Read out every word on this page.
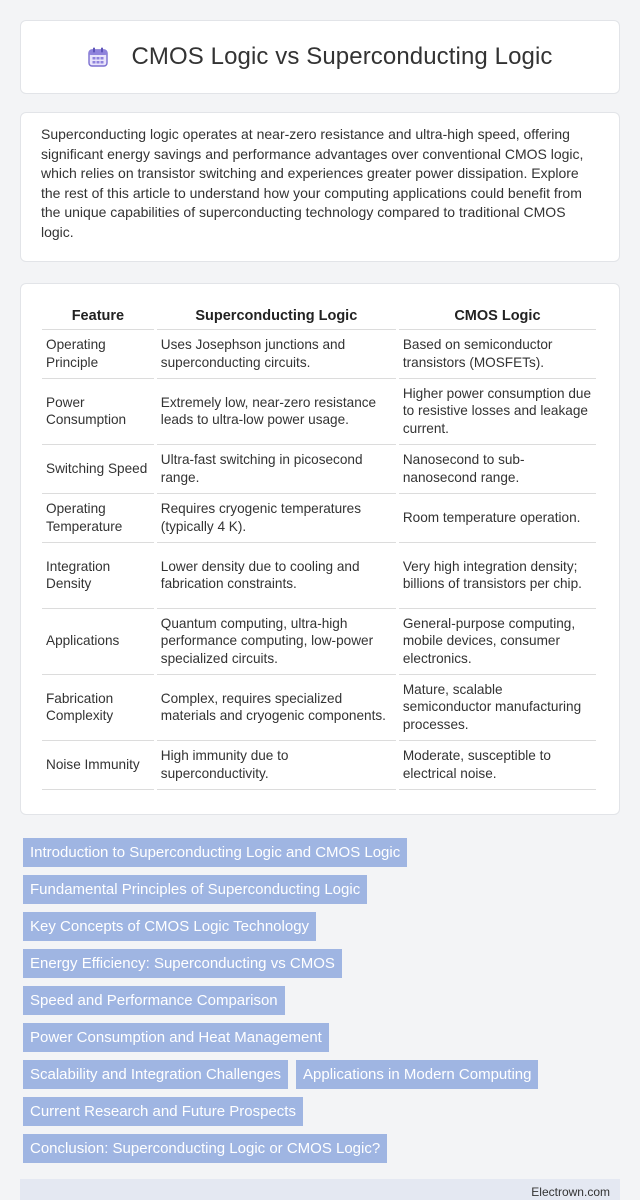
CMOS Logic vs Superconducting Logic
Superconducting logic operates at near-zero resistance and ultra-high speed, offering significant energy savings and performance advantages over conventional CMOS logic, which relies on transistor switching and experiences greater power dissipation. Explore the rest of this article to understand how your computing applications could benefit from the unique capabilities of superconducting technology compared to traditional CMOS logic.
Feature	Superconducting Logic	CMOS Logic
Operating Principle	Uses Josephson junctions and superconducting circuits.	Based on semiconductor transistors (MOSFETs).
Power Consumption	Extremely low, near-zero resistance leads to ultra-low power usage.	Higher power consumption due to resistive losses and leakage current.
Switching Speed	Ultra-fast switching in picosecond range.	Nanosecond to sub-nanosecond range.
Operating Temperature	Requires cryogenic temperatures (typically 4 K).	Room temperature operation.
Integration Density	Lower density due to cooling and fabrication constraints.	Very high integration density; billions of transistors per chip.
Applications	Quantum computing, ultra-high performance computing, low-power specialized circuits.	General-purpose computing, mobile devices, consumer electronics.
Fabrication Complexity	Complex, requires specialized materials and cryogenic components.	Mature, scalable semiconductor manufacturing processes.
Noise Immunity	High immunity due to superconductivity.	Moderate, susceptible to electrical noise.
Introduction to Superconducting Logic and CMOS Logic
Fundamental Principles of Superconducting Logic
Key Concepts of CMOS Logic Technology
Energy Efficiency: Superconducting vs CMOS
Speed and Performance Comparison
Power Consumption and Heat Management
Scalability and Integration Challenges	Applications in Modern Computing
Current Research and Future Prospects
Conclusion: Superconducting Logic or CMOS Logic?
Electrown.com
